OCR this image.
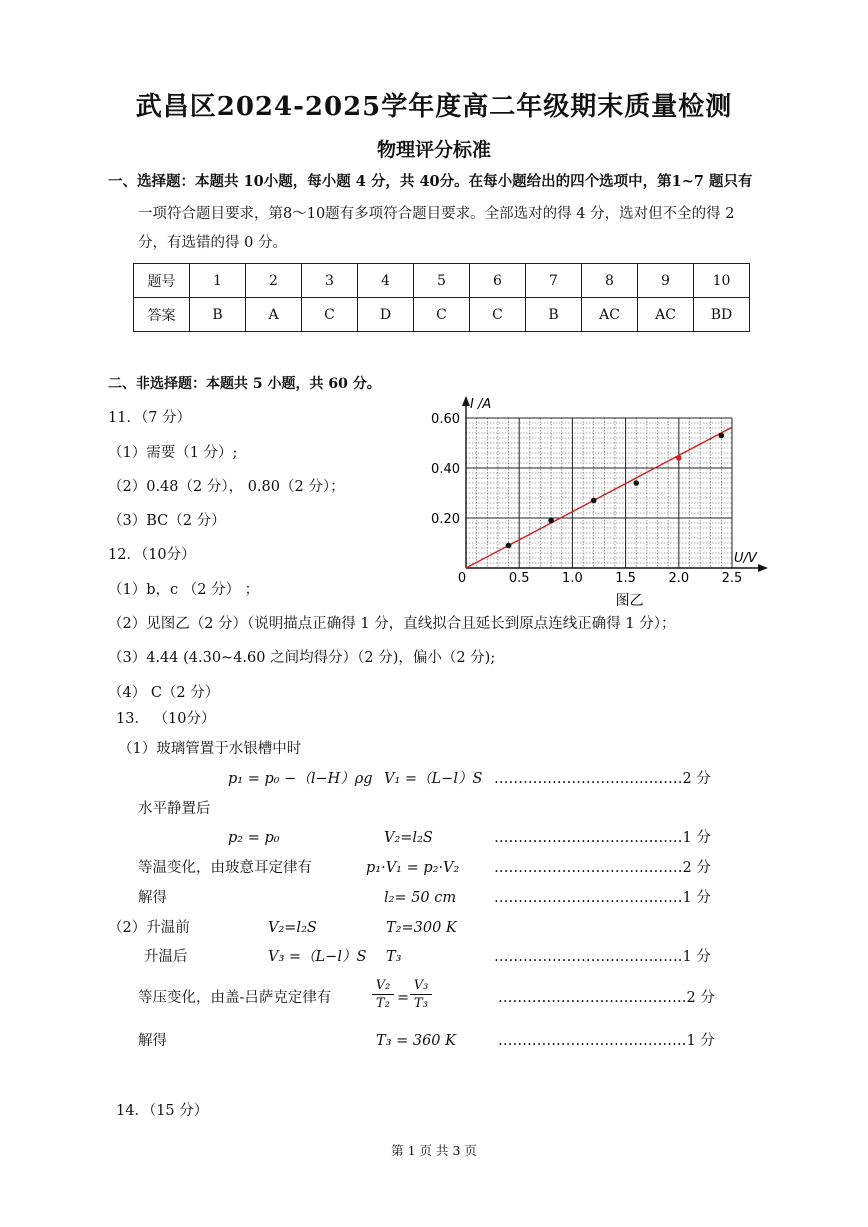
武昌区2024-2025学年度高二年级期末质量检测
物理评分标准
一、选择题：本题共 10小题，每小题 4 分，共 40分。在每小题给出的四个选项中，第1~7 题只有
一项符合题目要求，第8～10题有多项符合题目要求。全部选对的得 4 分，选对但不全的得 2
分，有选错的得 0 分。
题号	1	2	3	4	5	6	7	8	9	10
答案	B	A	C	D	C	C	B	AC	AC	BD
二、非选择题：本题共 5 小题，共 60 分。
11．（7 分）
（1）需要（1 分）;
（2）0.48（2 分）， 0.80（2 分）；
（3）BC（2 分）
12．（10分）
（1）b，c （2 分） ；
（2）见图乙（2 分）（说明描点正确得 1 分，直线拟合且延长到原点连线正确得 1 分）；
（3）4.44 (4.30~4.60 之间均得分）（2 分)，偏小（2 分);
（4） C（2 分）
0	0.5	1.0	1.5	2.0	2.5
0.20
0.40
0.60
I /A
U/V
图乙
13． （10分）
（1）玻璃管置于水银槽中时
p₁ = p₀ −（l−H）ρg V₁ =（L−l）S …………………………………2 分
水平静置后
p₂ = p₀	V₂=l₂S	…………………………………1 分
等温变化，由玻意耳定律有	p₁·V₁ = p₂·V₂ …………………………………2 分
解得	l₂= 50 cm	…………………………………1 分
（2）升温前	V₂=l₂S	T₂=300 K
升温后	V₃ =（L−l）S T₃	…………………………………1 分
等压变化，由盖-吕萨克定律有
V₂
T₂ =
V₃
T₃	…………………………………2 分
解得	T₃ = 360 K	…………………………………1 分
14．（15 分）
第 1 页 共 3 页
